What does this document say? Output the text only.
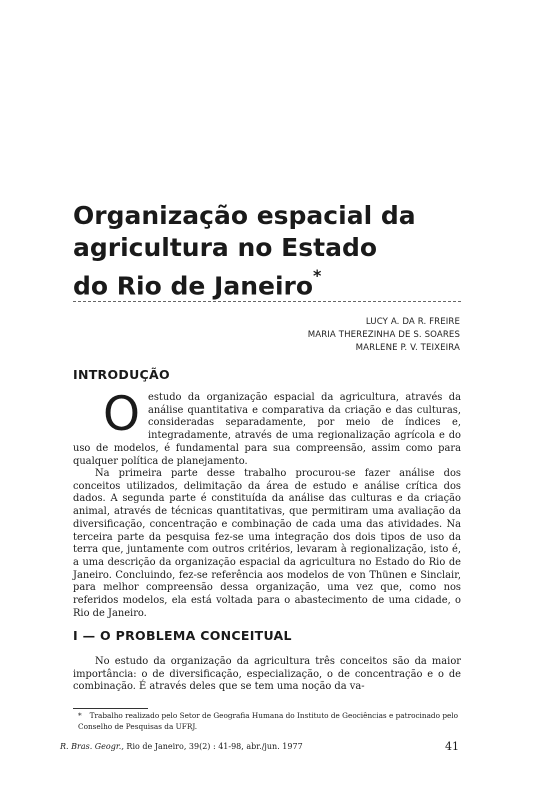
Organização espacial da
agricultura no Estado
do Rio de Janeiro*
LUCY A. DA R. FREIRE
MARIA THEREZINHA DE S. SOARES
MARLENE P. V. TEIXEIRA
INTRODUÇÃO
O estudo da organização espacial da agricultura, através da análise quantitativa e comparativa da criação e das culturas, consideradas separadamente, por meio de índices e, integradamente, através de uma regionalização agrícola e do uso de modelos, é fundamental para sua compreensão, assim como para qualquer política de planejamento.
Na primeira parte desse trabalho procurou-se fazer análise dos conceitos utilizados, delimitação da área de estudo e análise crítica dos dados. A segunda parte é constituída da análise das culturas e da criação animal, através de técnicas quantitativas, que permitiram uma avaliação da diversificação, concentração e combinação de cada uma das atividades. Na terceira parte da pesquisa fez-se uma integração dos dois tipos de uso da terra que, juntamente com outros critérios, levaram à regionalização, isto é, a uma descrição da organização espacial da agricultura no Estado do Rio de Janeiro. Concluindo, fez-se referência aos modelos de von Thünen e Sinclair, para melhor compreensão dessa organização, uma vez que, como nos referidos modelos, ela está voltada para o abastecimento de uma cidade, o Rio de Janeiro.
I — O PROBLEMA CONCEITUAL
No estudo da organização da agricultura três conceitos são da maior importância: o de diversificação, especialização, o de concentração e o de combinação. É através deles que se tem uma noção da va-
* Trabalho realizado pelo Setor de Geografia Humana do Instituto de Geociências e patrocinado pelo Conselho de Pesquisas da UFRJ.
R. Bras. Geogr., Rio de Janeiro, 39(2) : 41-98, abr./jun. 1977	41
